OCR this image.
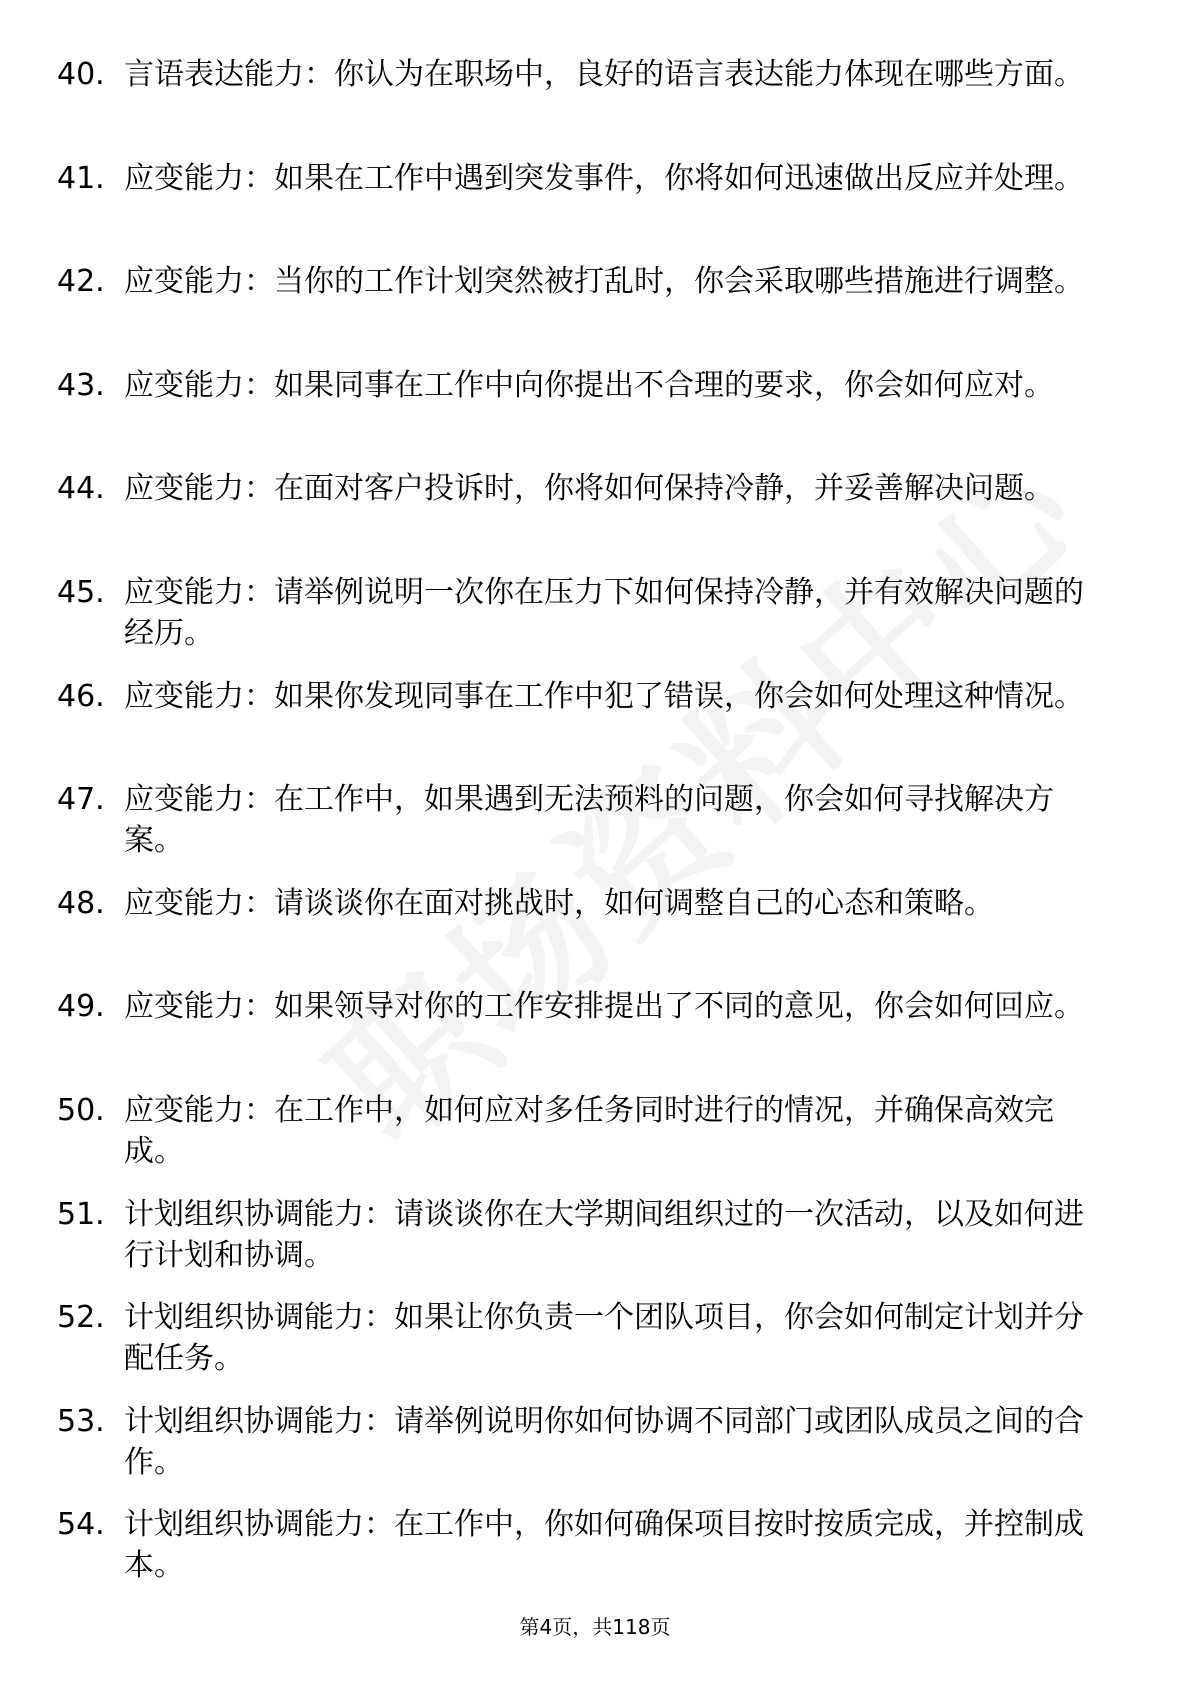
40. 言语表达能力：你认为在职场中，良好的语言表达能力体现在哪些方面。
41. 应变能力：如果在工作中遇到突发事件，你将如何迅速做出反应并处理。
42. 应变能力：当你的工作计划突然被打乱时，你会采取哪些措施进行调整。
43. 应变能力：如果同事在工作中向你提出不合理的要求，你会如何应对。
44. 应变能力：在面对客户投诉时，你将如何保持冷静，并妥善解决问题。
45. 应变能力：请举例说明一次你在压力下如何保持冷静，并有效解决问题的经历。
46. 应变能力：如果你发现同事在工作中犯了错误，你会如何处理这种情况。
47. 应变能力：在工作中，如果遇到无法预料的问题，你会如何寻找解决方案。
48. 应变能力：请谈谈你在面对挑战时，如何调整自己的心态和策略。
49. 应变能力：如果领导对你的工作安排提出了不同的意见，你会如何回应。
50. 应变能力：在工作中，如何应对多任务同时进行的情况，并确保高效完成。
51. 计划组织协调能力：请谈谈你在大学期间组织过的一次活动，以及如何进行计划和协调。
52. 计划组织协调能力：如果让你负责一个团队项目，你会如何制定计划并分配任务。
53. 计划组织协调能力：请举例说明你如何协调不同部门或团队成员之间的合作。
54. 计划组织协调能力：在工作中，你如何确保项目按时按质完成，并控制成本。
第4页，共118页
